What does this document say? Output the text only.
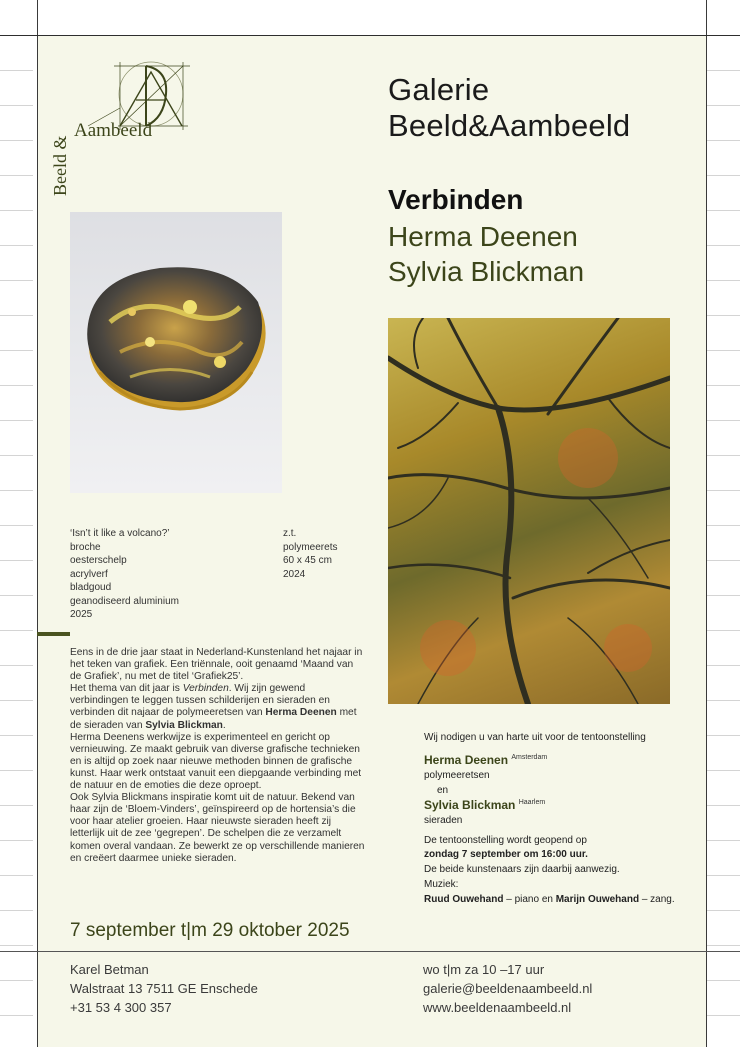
Beeld &
Aambeeld
Galerie
Beeld&Aambeeld
Verbinden
Herma Deenen
Sylvia Blickman
‘Isn’t it like a volcano?’
broche
oesterschelp
acrylverf
bladgoud
geanodiseerd aluminium
2025
z.t.
polymeerets
60 x 45 cm
2024

Eens in de drie jaar staat in Nederland-Kunstenland het najaar in het teken van grafiek. Een triënnale, ooit genaamd ‘Maand van de Grafiek’, nu met de titel ‘Grafiek25’.

Het thema van dit jaar is Verbinden. Wij zijn gewend verbindingen te leggen tussen schilderijen en sieraden en verbinden dit najaar de polymeeretsen van Herma Deenen met de sieraden van Sylvia Blickman.

Herma Deenens werkwijze is experimenteel en gericht op vernieuwing. Ze maakt gebruik van diverse grafische technieken en is altijd op zoek naar nieuwe methoden binnen de grafische kunst. Haar werk ontstaat vanuit een diepgaande verbinding met de natuur en de emoties die deze oproept.

Ook Sylvia Blickmans inspiratie komt uit de natuur. Bekend van haar zijn de ‘Bloem-Vinders’, geïnspireerd op de hortensia’s die voor haar atelier groeien. Haar nieuwste sieraden heeft zij letterlijk uit de zee ‘gegrepen’. De schelpen die ze verzamelt komen overal vandaan. Ze bewerkt ze op verschillende manieren en creëert daarmee unieke sieraden.

Wij nodigen u van harte uit voor de tentoonstelling
Herma Deenen $^{Amsterdam}$
polymeeretsen
en
Sylvia Blickman $^{Haarlem}$
sieraden
De tentoonstelling wordt geopend op
zondag 7 september om 16:00 uur.
De beide kunstenaars zijn daarbij aanwezig.
Muziek:
Ruud Ouwehand – piano en Marijn Ouwehand – zang.
7 september t|m 29 oktober 2025
Karel Betman
Walstraat 13 7511 GE Enschede
+31 53 4 300 357
wo t|m za 10 –17 uur
galerie@beeldenaambeeld.nl
www.beeldenaambeeld.nl
